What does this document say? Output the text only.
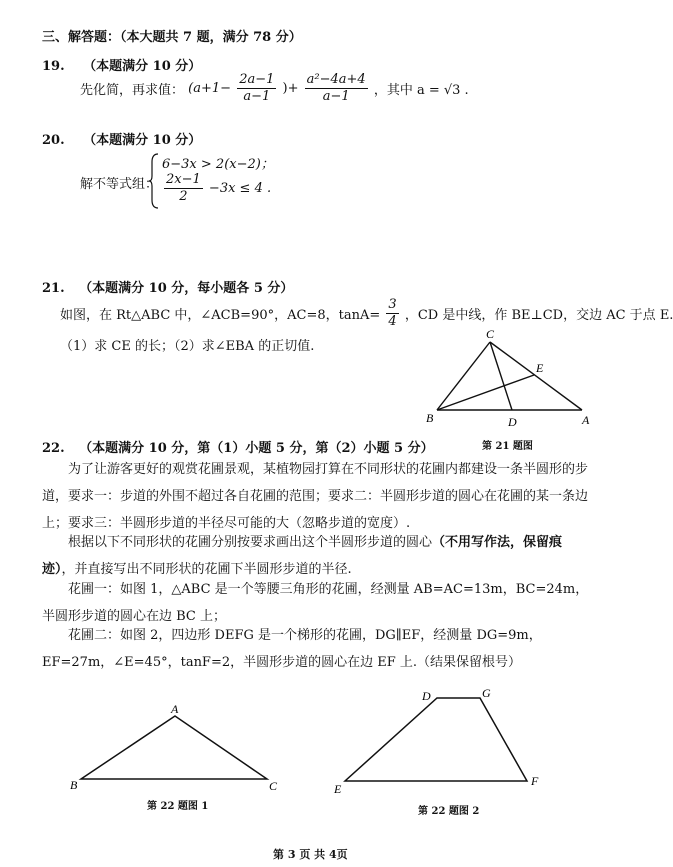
三、解答题：（本大题共 7 题，满分 78 分）
19. （本题满分 10 分）
先化简，再求值： ($a+1- \frac{2a-1}{a-1}$ )+ $\frac{\text{a²−4a+4}}{a-1}$ ，其中 a = √3 .
20. （本题满分 10 分）
解不等式组：
6−3x > 2(x−2)；
$\frac{2x-1}{2} -3x \le 4$ .
21. （本题满分 10 分，每小题各 5 分）
如图，在 Rt△ABC 中，∠ACB=90°，AC=8，$\tan A= \frac{3}{4}$ ，CD 是中线，作 BE⊥CD，交边 AC 于点 E.
（1）求 CE 的长；（2）求∠EBA 的正切值.
C
E
B	D	A
第 21 题图
22. （本题满分 10 分，第（1）小题 5 分，第（2）小题 5 分）
为了让游客更好的观赏花圃景观，某植物园打算在不同形状的花圃内都建设一条半圆形的步道，要求一：步道的外围不超过各自花圃的范围；要求二：半圆形步道的圆心在花圃的某一条边上；要求三：半圆形步道的半径尽可能的大（忽略步道的宽度）.
根据以下不同形状的花圃分别按要求画出这个半圆形步道的圆心（不用写作法，保留痕迹），并直接写出不同形状的花圃下半圆形步道的半径.
花圃一：如图 1，△ABC 是一个等腰三角形的花圃，经测量 AB=AC=13m，BC=24m，半圆形步道的圆心在边 BC 上；
花圃二：如图 2，四边形 DEFG 是一个梯形的花圃，DG∥EF，经测量 DG=9m，EF=27m，∠E=45°，tanF=2，半圆形步道的圆心在边 EF 上.（结果保留根号）
A
B	C
第 22 题图 1
D	G
E
F
第 22 题图 2
第 3 页 共 4页
